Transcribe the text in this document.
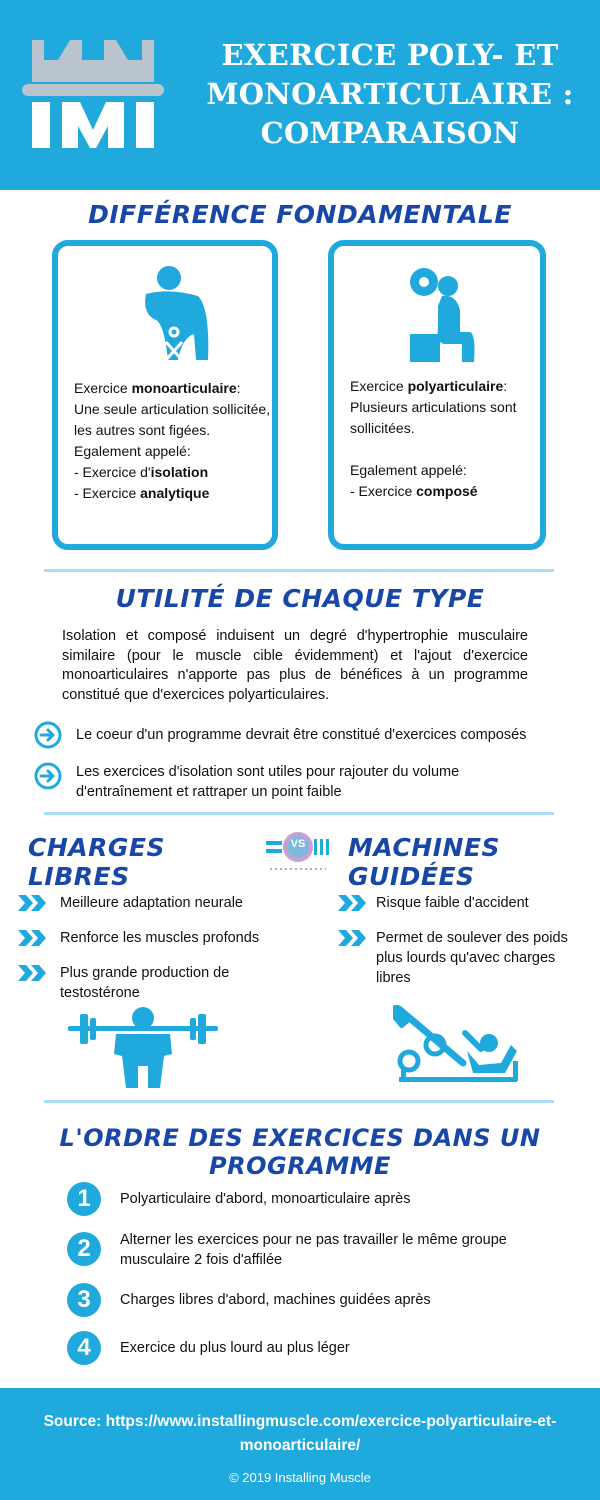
EXERCICE POLY- ET MONOARTICULAIRE : COMPARAISON
DIFFÉRENCE FONDAMENTALE
Exercice monoarticulaire:
Une seule articulation sollicitée, les autres sont figées.
Egalement appelé:
- Exercice d'isolation
- Exercice analytique
Exercice polyarticulaire:
Plusieurs articulations sont sollicitées.
Egalement appelé:
- Exercice composé
UTILITÉ DE CHAQUE TYPE
Isolation et composé induisent un degré d'hypertrophie musculaire similaire (pour le muscle cible évidemment) et l'ajout d'exercice monoarticulaires n'apporte pas plus de bénéfices à un programme constitué que d'exercices polyarticulaires.
Le coeur d'un programme devrait être constitué d'exercices composés
Les exercices d'isolation sont utiles pour rajouter du volume d'entraînement et rattraper un point faible
CHARGES LIBRES
MACHINES GUIDÉES
VS
Meilleure adaptation neurale
Renforce les muscles profonds
Plus grande production de testostérone
Risque faible d'accident
Permet de soulever des poids plus lourds qu'avec charges libres
L'ORDRE DES EXERCICES DANS UN PROGRAMME
1	Polyarticulaire d'abord, monoarticulaire après
2	Alterner les exercices pour ne pas travailler le même groupe musculaire 2 fois d'affilée
3	Charges libres d'abord, machines guidées après
4	Exercice du plus lourd au plus léger
Source: https://www.installingmuscle.com/exercice-polyarticulaire-et-monoarticulaire/
© 2019 Installing Muscle
